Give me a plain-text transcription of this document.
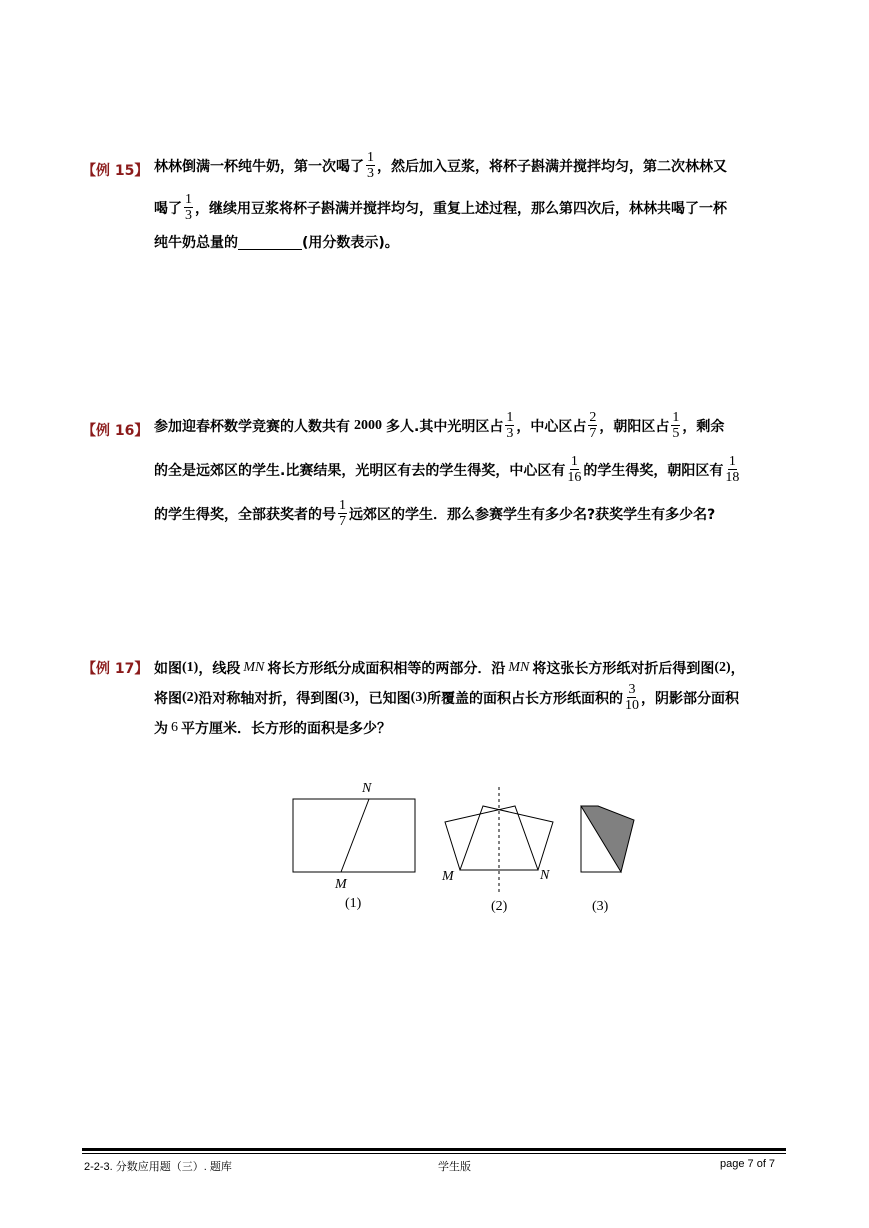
【例 15】 林林倒满一杯纯牛奶，第一次喝了 $\frac{1}{3}$ ，然后加入豆浆，将杯子斟满并搅拌均匀，第二次林林又
喝了 $\frac{1}{3}$ ，继续用豆浆将杯子斟满并搅拌均匀，重复上述过程，那么第四次后，林林共喝了一杯
纯牛奶总量的	(用分数表示)。
【例 16】 参加迎春杯数学竞赛的人数共有 2000 多人.其中光明区占 $\frac{1}{3}$ ，中心区占 $\frac{2}{7}$ ，朝阳区占 $\frac{1}{5}$ ，剩余
的全是远郊区的学生.比赛结果，光明区有去的学生得奖，中心区有 $\frac{1}{16}$ 的学生得奖，朝阳区有 $\frac{1}{18}$
的学生得奖，全部获奖者的号 $\frac{1}{7}$ 远郊区的学生．那么参赛学生有多少名?获奖学生有多少名?
【例 17】 如图 (1) ，线段 MN 将长方形纸分成面积相等的两部分．沿 MN 将这张长方形纸对折后得到图 (2) ，
将图 (2) 沿对称轴对折，得到图 (3) ，已知图 (3) 所覆盖的面积占长方形纸面积的 $\frac{3}{10}$ ，阴影部分面积
为 6 平方厘米．长方形的面积是多少？
N
M
M	N
(1)	(2)	(3)
2-2-3. 分数应用题（三）. 题库	学生版	page 7 of 7
